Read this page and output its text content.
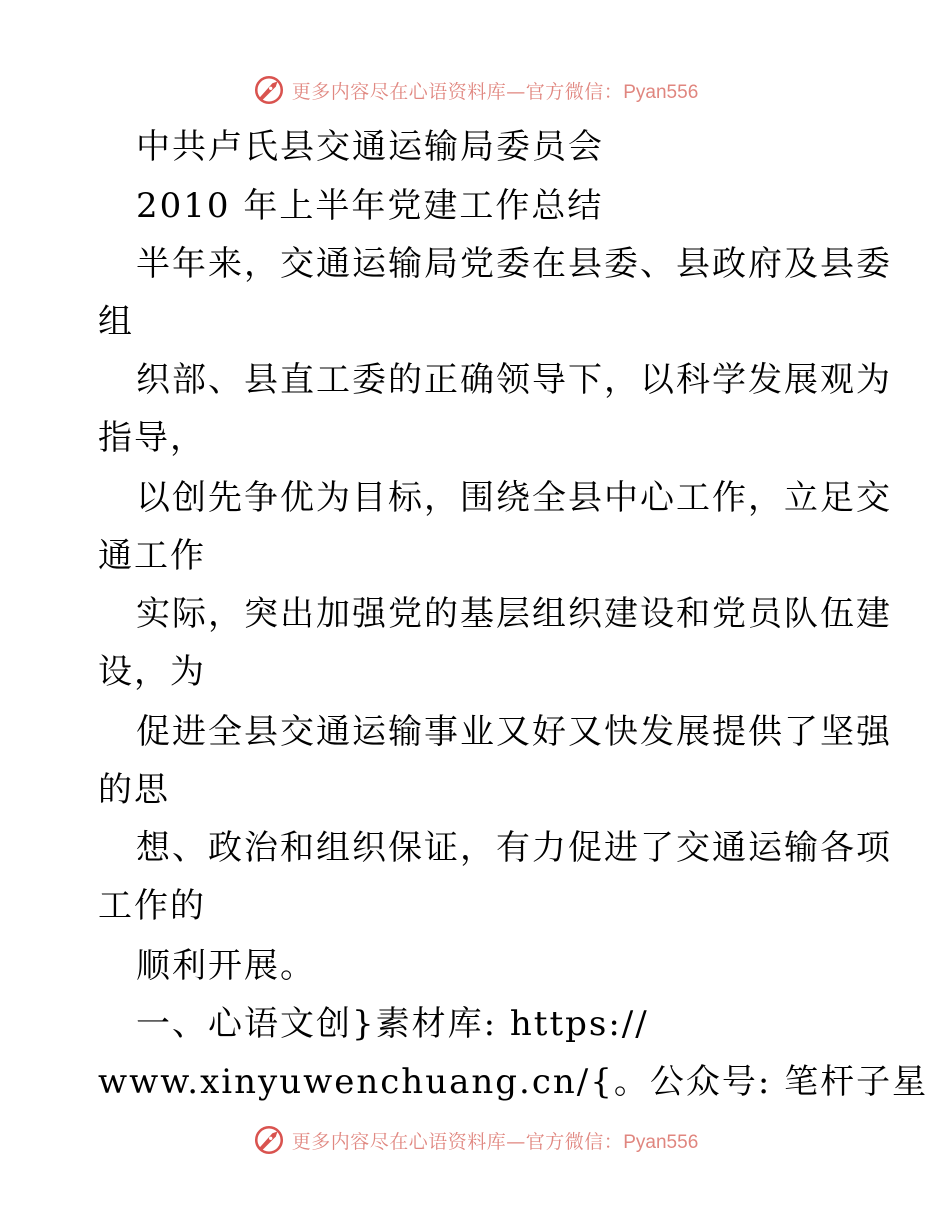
更多内容尽在心语资料库—官方微信：Pyan556
中共卢氏县交通运输局委员会
2010 年上半年党建工作总结
半年来，交通运输局党委在县委、县政府及县委
组
织部、县直工委的正确领导下，以科学发展观为
指导，
以创先争优为目标，围绕全县中心工作，立足交
通工作
实际，突出加强党的基层组织建设和党员队伍建
设，为
促进全县交通运输事业又好又快发展提供了坚强
的思
想、政治和组织保证，有力促进了交通运输各项
工作的
顺利开展。
一、心语文创}素材库: https://
www.xinyuwenchuang.cn/{。公众号: 笔杆子星
更多内容尽在心语资料库—官方微信：Pyan556
